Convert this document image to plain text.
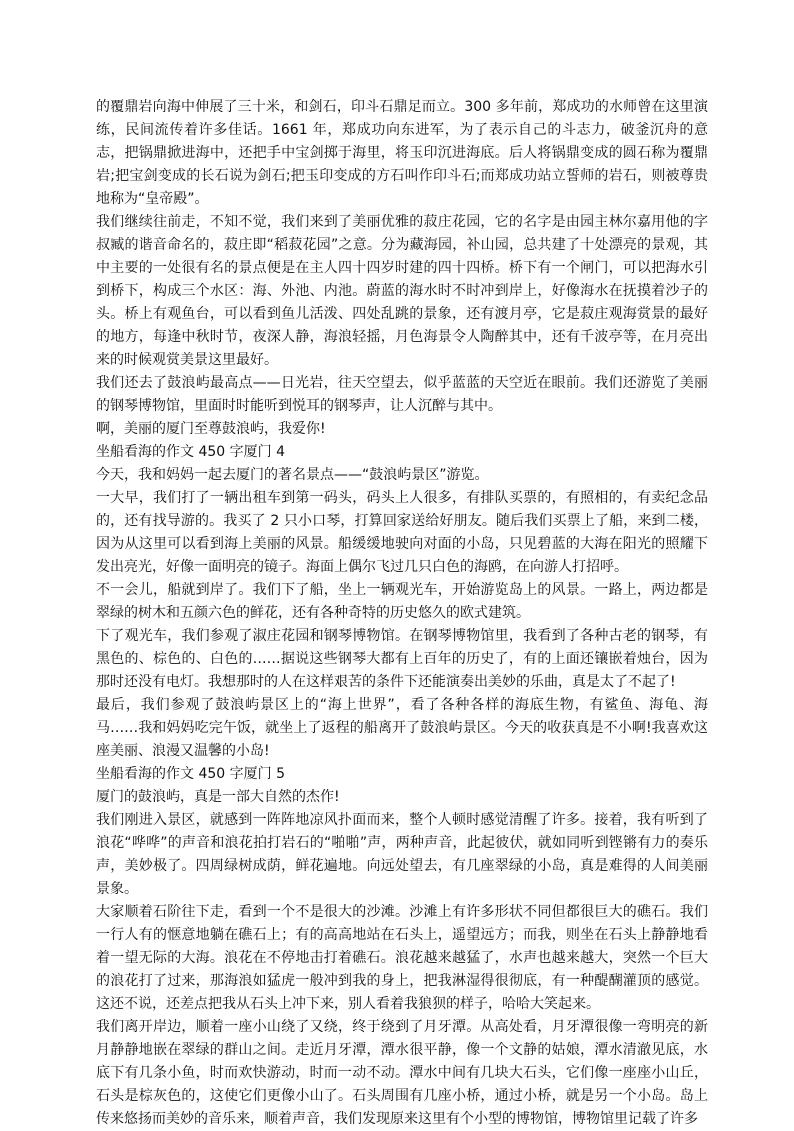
的覆鼎岩向海中伸展了三十米，和剑石，印斗石鼎足而立。300 多年前，郑成功的水师曾在这里演练，民间流传着许多佳话。1661 年，郑成功向东进军，为了表示自己的斗志力，破釜沉舟的意志，把锅鼎掀进海中，还把手中宝剑掷于海里，将玉印沉进海底。后人将锅鼎变成的圆石称为覆鼎岩;把宝剑变成的长石说为剑石;把玉印变成的方石叫作印斗石;而郑成功站立誓师的岩石，则被尊贵地称为“皇帝殿”。

我们继续往前走，不知不觉，我们来到了美丽优雅的菽庄花园，它的名字是由园主林尔嘉用他的字叔臧的谐音命名的，菽庄即“稻菽花园”之意。分为藏海园，补山园，总共建了十处漂亮的景观，其中主要的一处很有名的景点便是在主人四十四岁时建的四十四桥。桥下有一个闸门，可以把海水引到桥下，构成三个水区：海、外池、内池。蔚蓝的海水时不时冲到岸上，好像海水在抚摸着沙子的头。桥上有观鱼台，可以看到鱼儿活泼、四处乱跳的景象，还有渡月亭，它是菽庄观海赏景的最好的地方，每逢中秋时节，夜深人静，海浪轻摇，月色海景令人陶醉其中，还有千波亭等，在月亮出来的时候观赏美景这里最好。

我们还去了鼓浪屿最高点——日光岩，往天空望去，似乎蓝蓝的天空近在眼前。我们还游览了美丽的钢琴博物馆，里面时时能听到悦耳的钢琴声，让人沉醉与其中。

啊，美丽的厦门至尊鼓浪屿，我爱你!

坐船看海的作文 450 字厦门 4

今天，我和妈妈一起去厦门的著名景点——“鼓浪屿景区”游览。

一大早，我们打了一辆出租车到第一码头，码头上人很多，有排队买票的，有照相的，有卖纪念品的，还有找导游的。我买了 2 只小口琴，打算回家送给好朋友。随后我们买票上了船，来到二楼，因为从这里可以看到海上美丽的风景。船缓缓地驶向对面的小岛，只见碧蓝的大海在阳光的照耀下发出亮光，好像一面明亮的镜子。海面上偶尔飞过几只白色的海鸥，在向游人打招呼。

不一会儿，船就到岸了。我们下了船，坐上一辆观光车，开始游览岛上的风景。一路上，两边都是翠绿的树木和五颜六色的鲜花，还有各种奇特的历史悠久的欧式建筑。

下了观光车，我们参观了淑庄花园和钢琴博物馆。在钢琴博物馆里，我看到了各种古老的钢琴，有黑色的、棕色的、白色的……据说这些钢琴大都有上百年的历史了，有的上面还镶嵌着烛台，因为那时还没有电灯。我想那时的人在这样艰苦的条件下还能演奏出美妙的乐曲，真是太了不起了!

最后，我们参观了鼓浪屿景区上的“海上世界”，看了各种各样的海底生物，有鲨鱼、海龟、海马……我和妈妈吃完午饭，就坐上了返程的船离开了鼓浪屿景区。今天的收获真是不小啊!我喜欢这座美丽、浪漫又温馨的小岛!

坐船看海的作文 450 字厦门 5

厦门的鼓浪屿，真是一部大自然的杰作!

我们刚进入景区，就感到一阵阵地凉风扑面而来，整个人顿时感觉清醒了许多。接着，我有听到了浪花“哗哗”的声音和浪花拍打岩石的“啪啪”声，两种声音，此起彼伏，就如同听到铿锵有力的奏乐声，美妙极了。四周绿树成荫，鲜花遍地。向远处望去，有几座翠绿的小岛，真是难得的人间美丽景象。

大家顺着石阶往下走，看到一个不是很大的沙滩。沙滩上有许多形状不同但都很巨大的礁石。我们一行人有的惬意地躺在礁石上；有的高高地站在石头上，遥望远方；而我，则坐在石头上静静地看着一望无际的大海。浪花在不停地击打着礁石。浪花越来越猛了，水声也越来越大，突然一个巨大的浪花打了过来，那海浪如猛虎一般冲到我的身上，把我淋湿得很彻底，有一种醍醐灌顶的感觉。这还不说，还差点把我从石头上冲下来，别人看着我狼狈的样子，哈哈大笑起来。

我们离开岸边，顺着一座小山绕了又绕，终于绕到了月牙潭。从高处看，月牙潭很像一弯明亮的新月静静地嵌在翠绿的群山之间。走近月牙潭，潭水很平静，像一个文静的姑娘，潭水清澈见底，水底下有几条小鱼，时而欢快游动，时而一动不动。潭水中间有几块大石头，它们像一座座小山丘，石头是棕灰色的，这使它们更像小山了。石头周围有几座小桥，通过小桥，就是另一个小岛。岛上传来悠扬而美妙的音乐来，顺着声音，我们发现原来这里有个小型的博物馆，博物馆里记载了许多
